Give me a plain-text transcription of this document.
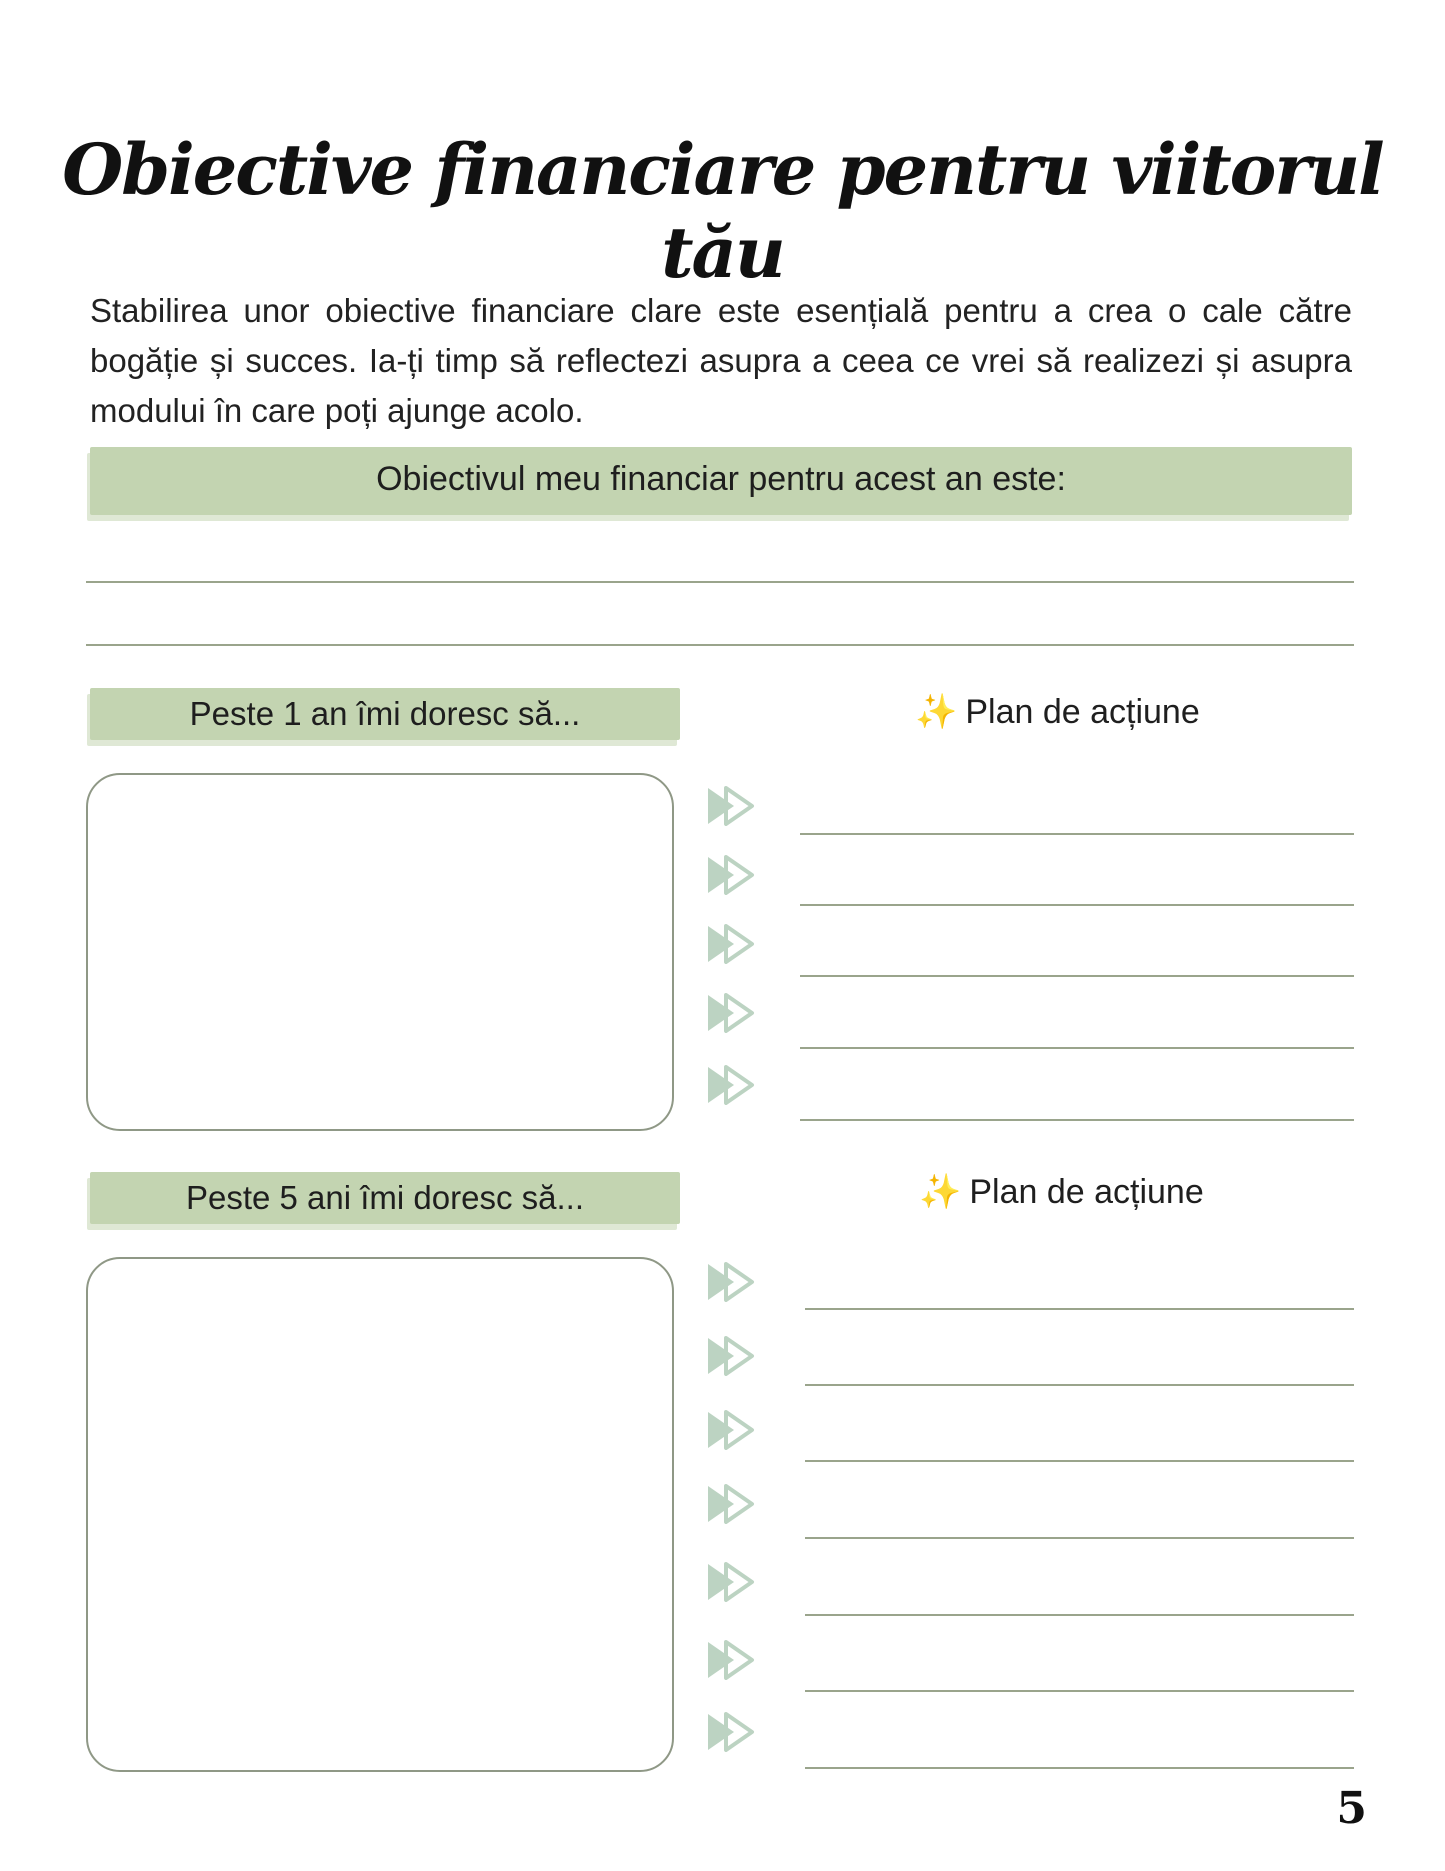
Obiective financiare pentru viitorul tău

Stabilirea unor obiective financiare clare este esențială pentru a crea o cale către bogăție și succes. Ia-ți timp să reflectezi asupra a ceea ce vrei să realizezi și asupra modului în care poți ajunge acolo.

Obiectivul meu financiar pentru acest an este:
Peste 1 an îmi doresc să...	✨ Plan de acțiune
Peste 5 ani îmi doresc să...	✨ Plan de acțiune
5
